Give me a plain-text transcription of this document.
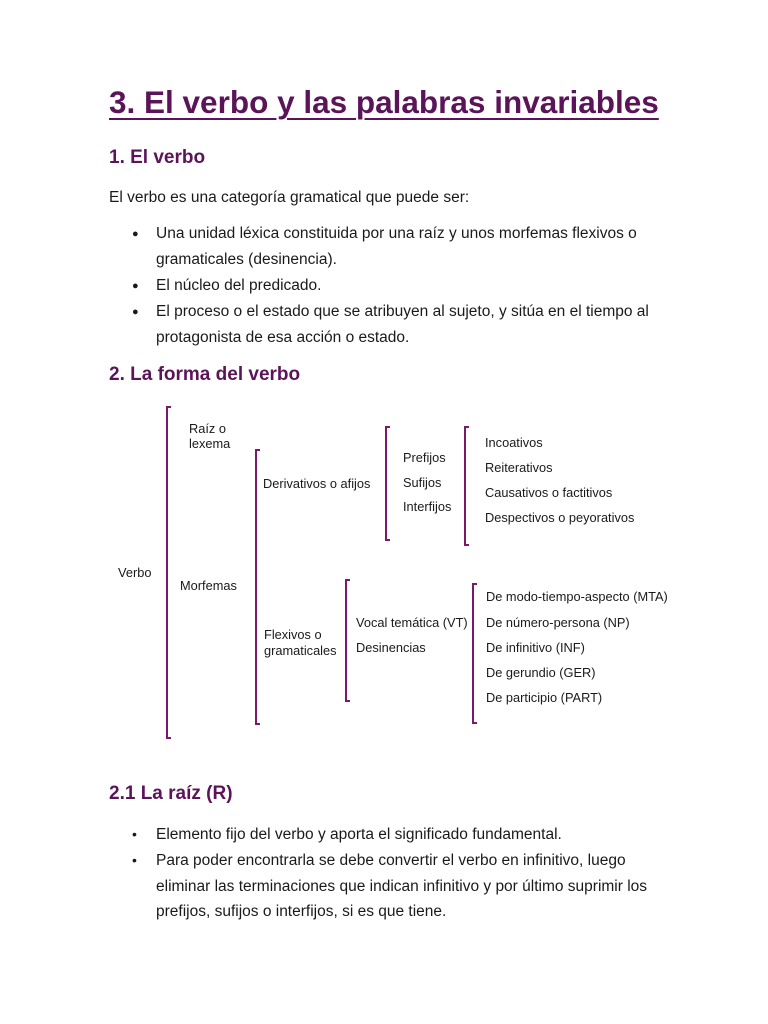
3. El verbo y las palabras invariables
1. El verbo
El verbo es una categoría gramatical que puede ser:
● Una unidad léxica constituida por una raíz y unos morfemas flexivos o
gramaticales (desinencia).
● El núcleo del predicado.
● El proceso o el estado que se atribuyen al sujeto, y sitúa en el tiempo al
protagonista de esa acción o estado.
2. La forma del verbo
Verbo
Raíz o
lexema
Morfemas
Derivativos o afijos
Prefijos
Sufijos
Interfijos
Incoativos
Reiterativos
Causativos o factitivos
Despectivos o peyorativos
Flexivos o
gramaticales
Vocal temática (VT)
Desinencias
De modo-tiempo-aspecto (MTA)
De número-persona (NP)
De infinitivo (INF)
De gerundio (GER)
De participio (PART)
2.1 La raíz (R)
• Elemento fijo del verbo y aporta el significado fundamental.
• Para poder encontrarla se debe convertir el verbo en infinitivo, luego
eliminar las terminaciones que indican infinitivo y por último suprimir los
prefijos, sufijos o interfijos, si es que tiene.
